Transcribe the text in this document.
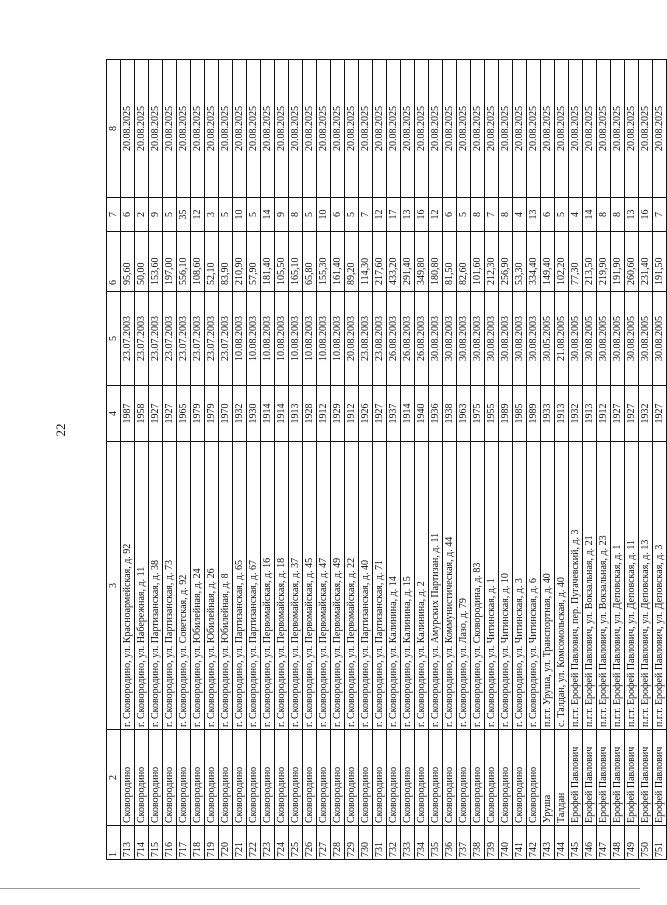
22
1	2	3	4	5	6	7	8
713	Сковородино	г. Сковородино, ул. Красноармейская, д. 92	1987	23.07.2003	95,60	6	20.08.2025
714	Сковородино	г. Сковородино, ул. Набережная, д. 11	1958	23.07.2003	50,00	2	20.08.2025
715	Сковородино	г. Сковородино, ул. Партизанская, д. 38	1927	23.07.2003	153,60	9	20.08.2025
716	Сковородино	г. Сковородино, ул. Партизанская, д. 73	1927	23.07.2003	197,00	5	20.08.2025
717	Сковородино	г. Сковородино, ул. Советская, д. 92	1965	23.07.2003	556,10	35	20.08.2025
718	Сковородино	г. Сковородино, ул. Юбилейная, д. 24	1979	23.07.2003	108,60	12	20.08.2025
719	Сковородино	г. Сковородино, ул. Юбилейная, д. 26	1979	23.07.2003	52,10	3	20.08.2025
720	Сковородино	г. Сковородино, ул. Юбилейная, д. 8	1970	23.07.2003	83,90	5	20.08.2025
721	Сковородино	г. Сковородино, ул. Партизанская, д. 65	1932	10.08.2003	210,90	10	20.08.2025
722	Сковородино	г. Сковородино, ул. Партизанская, д. 67	1930	10.08.2003	57,90	5	20.08.2025
723	Сковородино	г. Сковородино, ул. Первомайская, д. 16	1914	10.08.2003	181,40	14	20.08.2025
724	Сковородино	г. Сковородино, ул. Первомайская, д. 18	1914	10.08.2003	105,50	9	20.08.2025
725	Сковородино	г. Сковородино, ул. Первомайская, д. 37	1913	10.08.2003	165,10	8	20.08.2025
726	Сковородино	г. Сковородино, ул. Первомайская, д. 45	1928	10.08.2003	65,80	5	20.08.2025
727	Сковородино	г. Сковородино, ул. Первомайская, д. 47	1912	10.08.2003	155,30	10	20.08.2025
728	Сковородино	г. Сковородино, ул. Первомайская, д. 49	1929	10.08.2003	161,40	6	20.08.2025
729	Сковородино	г. Сковородино, ул. Первомайская, д. 22	1912	20.08.2003	89,20	5	20.08.2025
730	Сковородино	г. Сковородино, ул. Партизанская, д. 40	1926	23.08.2003	114,30	7	20.08.2025
731	Сковородино	г. Сковородино, ул. Партизанская, д. 71	1927	23.08.2003	217,60	12	20.08.2025
732	Сковородино	г. Сковородино, ул. Калинина, д. 14	1937	26.08.2003	433,20	17	20.08.2025
733	Сковородино	г. Сковородино, ул. Калинина, д. 15	1914	26.08.2003	291,40	13	20.08.2025
734	Сковородино	г. Сковородино, ул. Калинина, д. 2	1940	26.08.2003	349,80	16	20.08.2025
735	Сковородино	г. Сковородино, ул. Амурских Партизан, д. 11	1936	30.08.2003	180,80	12	20.08.2025
736	Сковородино	г. Сковородино, ул. Коммунистическая, д. 44	1938	30.08.2003	81,50	6	20.08.2025
737	Сковородино	г. Сковородино, ул. Лазо, д. 79	1963	30.08.2003	82,60	5	20.08.2025
738	Сковородино	г. Сковородино, ул. Сковородина, д. 83	1975	30.08.2003	101,60	8	20.08.2025
739	Сковородино	г. Сковородино, ул. Читинская, д. 1	1955	30.08.2003	212,30	7	20.08.2025
740	Сковородино	г. Сковородино, ул. Читинская, д. 10	1989	30.08.2003	256,90	8	20.08.2025
741	Сковородино	г. Сковородино, ул. Читинская, д. 3	1985	30.08.2003	53,30	4	20.08.2025
742	Сковородино	г. Сковородино, ул. Читинская, д. 6	1989	30.08.2003	334,40	13	20.08.2025
743	Уруша	п.г.т. Уруша, ул. Транспортная, д. 40	1933	30.05.2005	149,40	6	20.08.2025
744	Талдан	с. Талдан, ул. Комсомольская, д. 40	1913	21.08.2005	102,20	5	20.08.2025
745	Ерофей Павлович	п.г.т. Ерофей Павлович, пер. Пугачевский, д. 3	1932	30.08.2005	77,30	4	20.08.2025
746	Ерофей Павлович	п.г.т. Ерофей Павлович, ул. Вокзальная, д. 21	1913	30.08.2005	213,50	14	20.08.2025
747	Ерофей Павлович	п.г.т. Ерофей Павлович, ул. Вокзальная, д. 23	1912	30.08.2005	219,90	8	20.08.2025
748	Ерофей Павлович	п.г.т. Ерофей Павлович, ул. Деповская, д. 1	1927	30.08.2005	191,90	8	20.08.2025
749	Ерофей Павлович	п.г.т. Ерофей Павлович, ул. Деповская, д. 11	1927	30.08.2005	260,60	13	20.08.2025
750	Ерофей Павлович	п.г.т. Ерофей Павлович, ул. Деповская, д. 13	1932	30.08.2005	231,40	16	20.08.2025
751	Ерофей Павлович	п.г.т. Ерофей Павлович, ул. Деповская, д. 3	1927	30.08.2005	191,50	7	20.08.2025
